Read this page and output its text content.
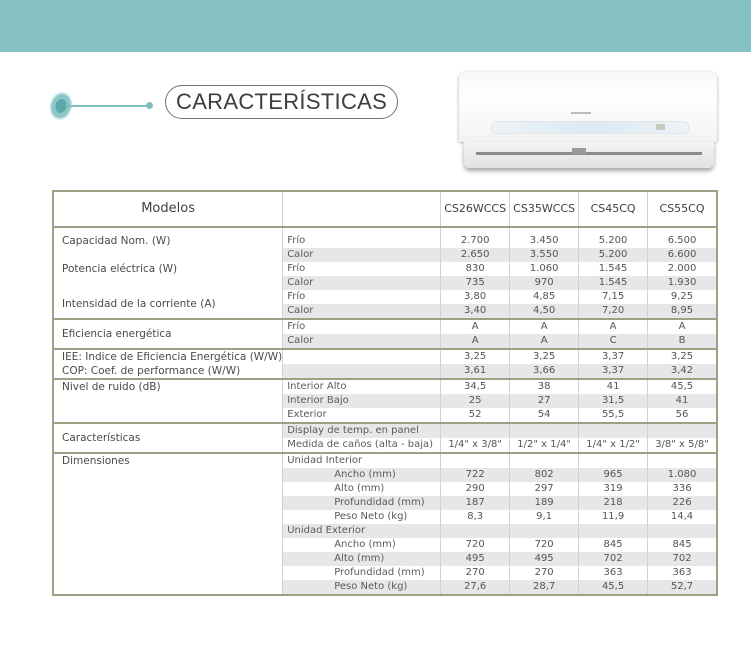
CARACTERÍSTICAS
Modelos		CS26WCCS	CS35WCCS	CS45CQ	CS55CQ
Capacidad Nom. (W)	Frío	2.700	3.450	5.200	6.500
	Calor	2.650	3.550	5.200	6.600
Potencia eléctrica (W)	Frío	830	1.060	1.545	2.000
	Calor	735	970	1.545	1.930
Intensidad de la corriente (A)	Frío	3,80	4,85	7,15	9,25
	Calor	3,40	4,50	7,20	8,95
Eficiencia energética	Frío	A	A	A	A
	Calor	A	A	C	B
IEE: Indice de Eficiencia Energética (W/W)		3,25	3,25	3,37	3,25
COP: Coef. de performance (W/W)		3,61	3,66	3,37	3,42
Nivel de ruido (dB)	Interior Alto	34,5	38	41	45,5
	Interior Bajo	25	27	31,5	41
	Exterior	52	54	55,5	56
Características	Display de temp. en panel				
	Medida de caños (alta - baja)	1/4" x 3/8"	1/2" x 1/4"	1/4" x 1/2"	3/8" x 5/8"
Dimensiones	Unidad Interior				
	Ancho (mm)	722	802	965	1.080
	Alto (mm)	290	297	319	336
	Profundidad (mm)	187	189	218	226
	Peso Neto (kg)	8,3	9,1	11,9	14,4
	Unidad Exterior				
	Ancho (mm)	720	720	845	845
	Alto (mm)	495	495	702	702
	Profundidad (mm)	270	270	363	363
	Peso Neto (kg)	27,6	28,7	45,5	52,7
